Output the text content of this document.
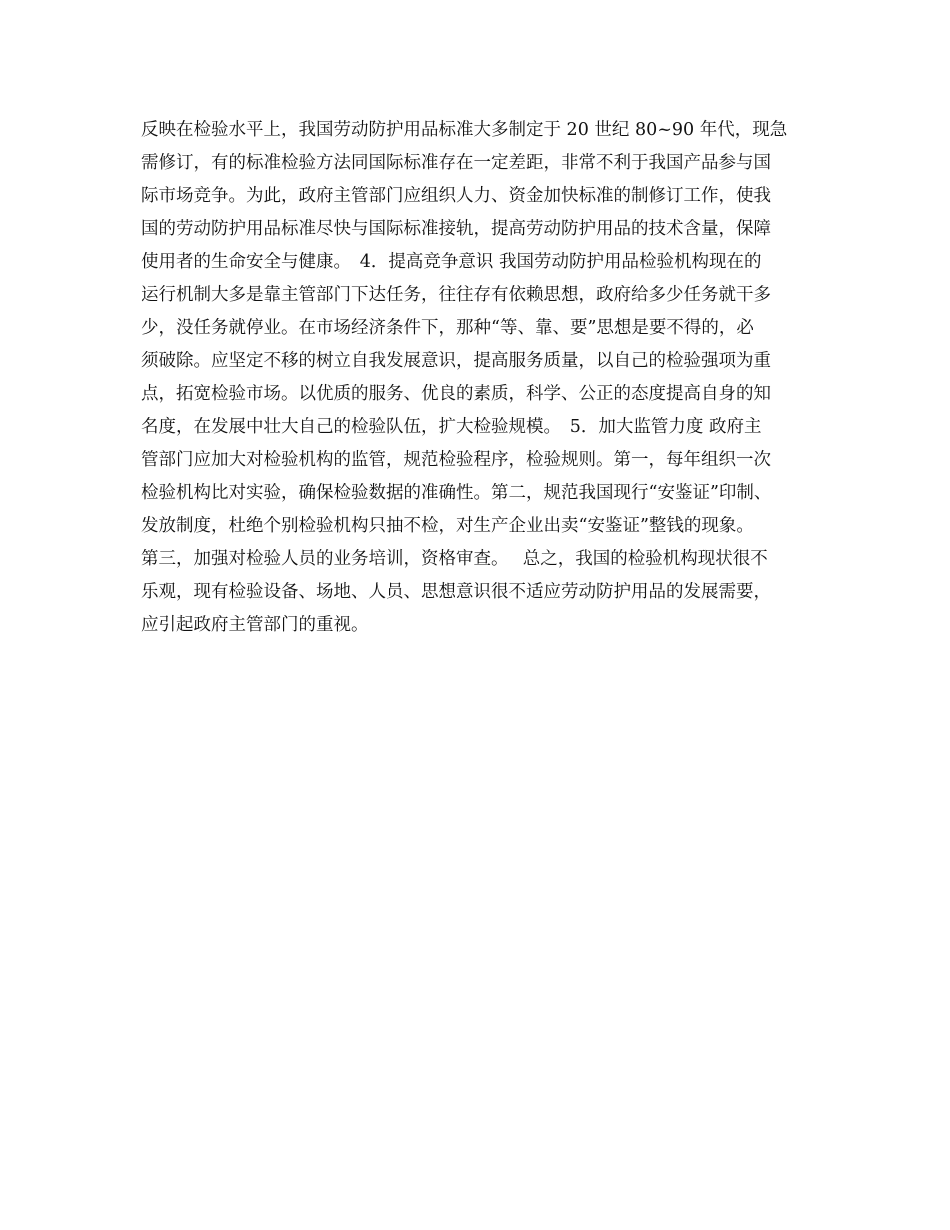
反映在检验水平上，我国劳动防护用品标准大多制定于 20 世纪 80~90 年代，现急
需修订，有的标准检验方法同国际标准存在一定差距，非常不利于我国产品参与国
际市场竞争。为此，政府主管部门应组织人力、资金加快标准的制修订工作，使我
国的劳动防护用品标准尽快与国际标准接轨，提高劳动防护用品的技术含量，保障
使用者的生命安全与健康。　4．提高竞争意识 我国劳动防护用品检验机构现在的
运行机制大多是靠主管部门下达任务，往往存有依赖思想，政府给多少任务就干多
少，没任务就停业。在市场经济条件下，那种“等、靠、要”思想是要不得的，必
须破除。应坚定不移的树立自我发展意识，提高服务质量，以自己的检验强项为重
点，拓宽检验市场。以优质的服务、优良的素质，科学、公正的态度提高自身的知
名度，在发展中壮大自己的检验队伍，扩大检验规模。　5．加大监管力度 政府主
管部门应加大对检验机构的监管，规范检验程序，检验规则。第一，每年组织一次
检验机构比对实验，确保检验数据的准确性。第二，规范我国现行“安鉴证”印制、
发放制度，杜绝个别检验机构只抽不检，对生产企业出卖“安鉴证”整钱的现象。
第三，加强对检验人员的业务培训，资格审查。　 总之，我国的检验机构现状很不
乐观，现有检验设备、场地、人员、思想意识很不适应劳动防护用品的发展需要，
应引起政府主管部门的重视。
